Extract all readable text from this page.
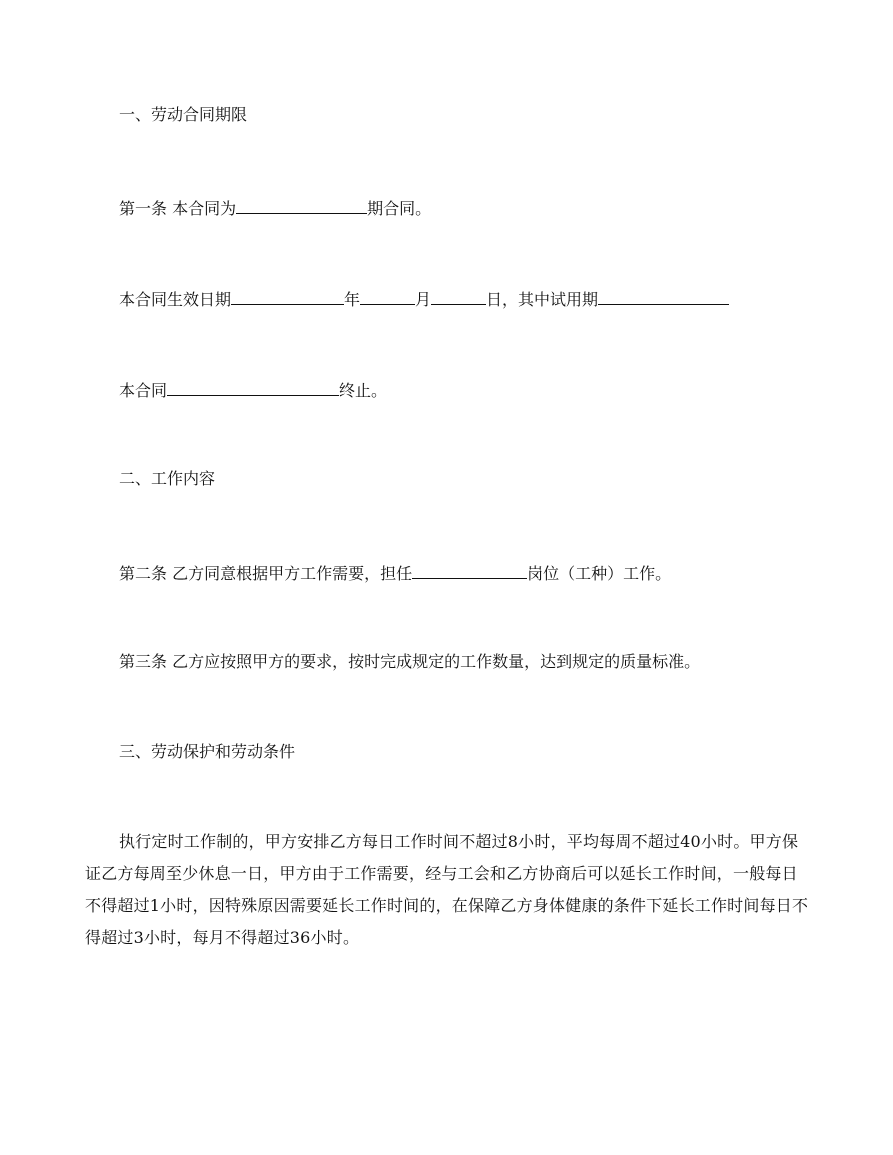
一、劳动合同期限
第一条 本合同为	期合同。
本合同生效日期	年	月	日，其中试用期
本合同	终止。
二、工作内容
第二条 乙方同意根据甲方工作需要，担任	岗位（工种）工作。
第三条 乙方应按照甲方的要求，按时完成规定的工作数量，达到规定的质量标准。
三、劳动保护和劳动条件

执行定时工作制的，甲方安排乙方每日工作时间不超过8小时，平均每周不超过40小时。甲方保证乙方每周至少休息一日，甲方由于工作需要，经与工会和乙方协商后可以延长工作时间，一般每日不得超过1小时，因特殊原因需要延长工作时间的，在保障乙方身体健康的条件下延长工作时间每日不得超过3小时，每月不得超过36小时。
